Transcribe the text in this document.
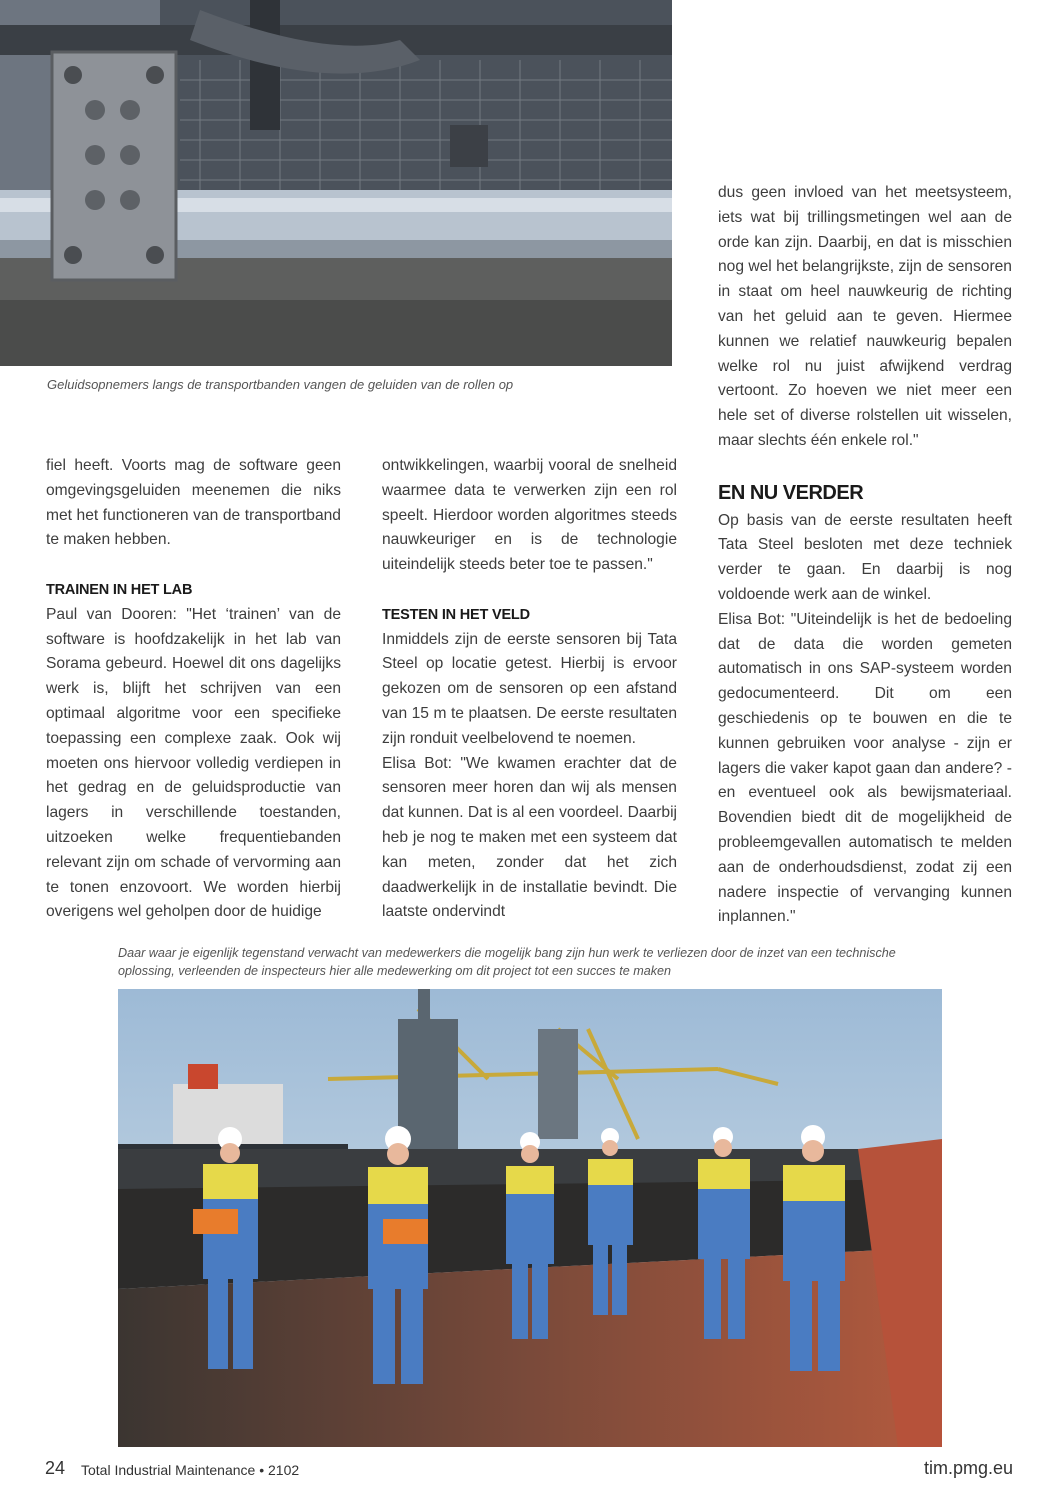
Geluidsopnemers langs de transportbanden vangen de geluiden van de rollen op

fiel heeft. Voorts mag de software geen omgevingsgeluiden meenemen die niks met het functioneren van de transportband te maken hebben.

TRAINEN IN HET LAB

Paul van Dooren: "Het ‘trainen’ van de software is hoofdzakelijk in het lab van Sorama gebeurd. Hoewel dit ons dagelijks werk is, blijft het schrijven van een optimaal algoritme voor een specifieke toepassing een complexe zaak. Ook wij moeten ons hiervoor volledig verdiepen in het gedrag en de geluidsproductie van lagers in verschillende toestanden, uitzoeken welke frequentiebanden relevant zijn om schade of vervorming aan te tonen enzovoort. We worden hierbij overigens wel geholpen door de huidige

ontwikkelingen, waarbij vooral de snelheid waarmee data te verwerken zijn een rol speelt. Hierdoor worden algoritmes steeds nauwkeuriger en is de technologie uiteindelijk steeds beter toe te passen."

TESTEN IN HET VELD

Inmiddels zijn de eerste sensoren bij Tata Steel op locatie getest. Hierbij is ervoor gekozen om de sensoren op een afstand van 15 m te plaatsen. De eerste resultaten zijn ronduit veelbelovend te noemen.

Elisa Bot: "We kwamen erachter dat de sensoren meer horen dan wij als mensen dat kunnen. Dat is al een voordeel. Daarbij heb je nog te maken met een systeem dat kan meten, zonder dat het zich daadwerkelijk in de installatie bevindt. Die laatste ondervindt

dus geen invloed van het meetsysteem, iets wat bij trillingsmetingen wel aan de orde kan zijn. Daarbij, en dat is misschien nog wel het belangrijkste, zijn de sensoren in staat om heel nauwkeurig de richting van het geluid aan te geven. Hiermee kunnen we relatief nauwkeurig bepalen welke rol nu juist afwijkend verdrag vertoont. Zo hoeven we niet meer een hele set of diverse rolstellen uit wisselen, maar slechts één enkele rol."

EN NU VERDER

Op basis van de eerste resultaten heeft Tata Steel besloten met deze techniek verder te gaan. En daarbij is nog voldoende werk aan de winkel.

Elisa Bot: "Uiteindelijk is het de bedoeling dat de data die worden gemeten automatisch in ons SAP-systeem worden gedocumenteerd. Dit om een geschiedenis op te bouwen en die te kunnen gebruiken voor analyse - zijn er lagers die vaker kapot gaan dan andere? - en eventueel ook als bewijsmateriaal. Bovendien biedt dit de mogelijkheid de probleemgevallen automatisch te melden aan de onderhoudsdienst, zodat zij een nadere inspectie of vervanging kunnen inplannen."

Daar waar je eigenlijk tegenstand verwacht van medewerkers die mogelijk bang zijn hun werk te verliezen door de inzet van een technische oplossing, verleenden de inspecteurs hier alle medewerking om dit project tot een succes te maken
24 Total Industrial Maintenance • 2102	tim.pmg.eu
